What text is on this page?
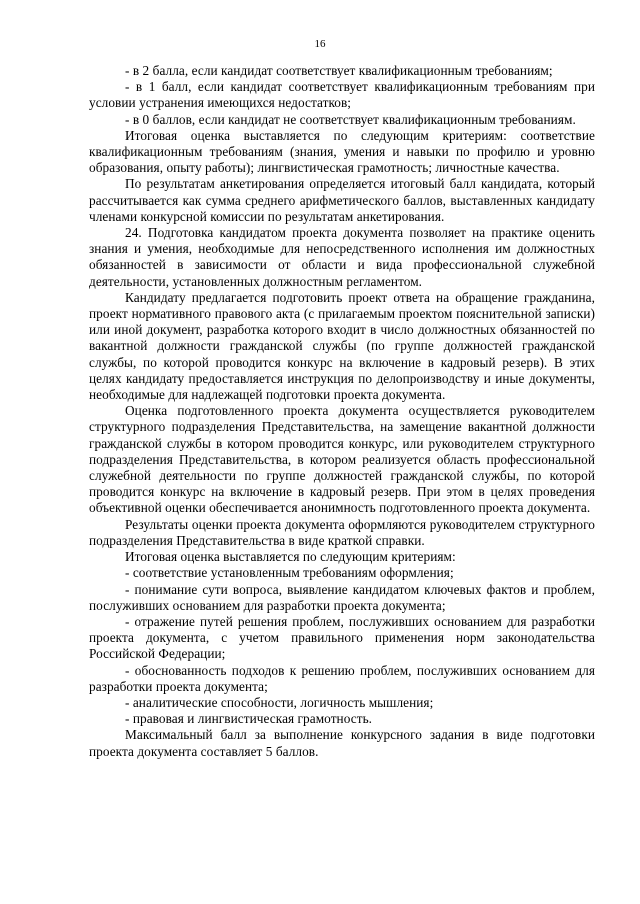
16

- в 2 балла, если кандидат соответствует квалификационным требованиям;

- в 1 балл, если кандидат соответствует квалификационным требованиям при условии устранения имеющихся недостатков;

- в 0 баллов, если кандидат не соответствует квалификационным требованиям.

Итоговая оценка выставляется по следующим критериям: соответствие квалификационным требованиям (знания, умения и навыки по профилю и уровню образования, опыту работы); лингвистическая грамотность; личностные качества.

По результатам анкетирования определяется итоговый балл кандидата, который рассчитывается как сумма среднего арифметического баллов, выставленных кандидату членами конкурсной комиссии по результатам анкетирования.

24. Подготовка кандидатом проекта документа позволяет на практике оценить знания и умения, необходимые для непосредственного исполнения им должностных обязанностей в зависимости от области и вида профессиональной служебной деятельности, установленных должностным регламентом.

Кандидату предлагается подготовить проект ответа на обращение гражданина, проект нормативного правового акта (с прилагаемым проектом пояснительной записки) или иной документ, разработка которого входит в число должностных обязанностей по вакантной должности гражданской службы (по группе должностей гражданской службы, по которой проводится конкурс на включение в кадровый резерв). В этих целях кандидату предоставляется инструкция по делопроизводству и иные документы, необходимые для надлежащей подготовки проекта документа.

Оценка подготовленного проекта документа осуществляется руководителем структурного подразделения Представительства, на замещение вакантной должности гражданской службы в котором проводится конкурс, или руководителем структурного подразделения Представительства, в котором реализуется область профессиональной служебной деятельности по группе должностей гражданской службы, по которой проводится конкурс на включение в кадровый резерв. При этом в целях проведения объективной оценки обеспечивается анонимность подготовленного проекта документа.

Результаты оценки проекта документа оформляются руководителем структурного подразделения Представительства в виде краткой справки.

Итоговая оценка выставляется по следующим критериям:

- соответствие установленным требованиям оформления;

- понимание сути вопроса, выявление кандидатом ключевых фактов и проблем, послуживших основанием для разработки проекта документа;

- отражение путей решения проблем, послуживших основанием для разработки проекта документа, с учетом правильного применения норм законодательства Российской Федерации;

- обоснованность подходов к решению проблем, послуживших основанием для разработки проекта документа;

- аналитические способности, логичность мышления;

- правовая и лингвистическая грамотность.

Максимальный балл за выполнение конкурсного задания в виде подготовки проекта документа составляет 5 баллов.
